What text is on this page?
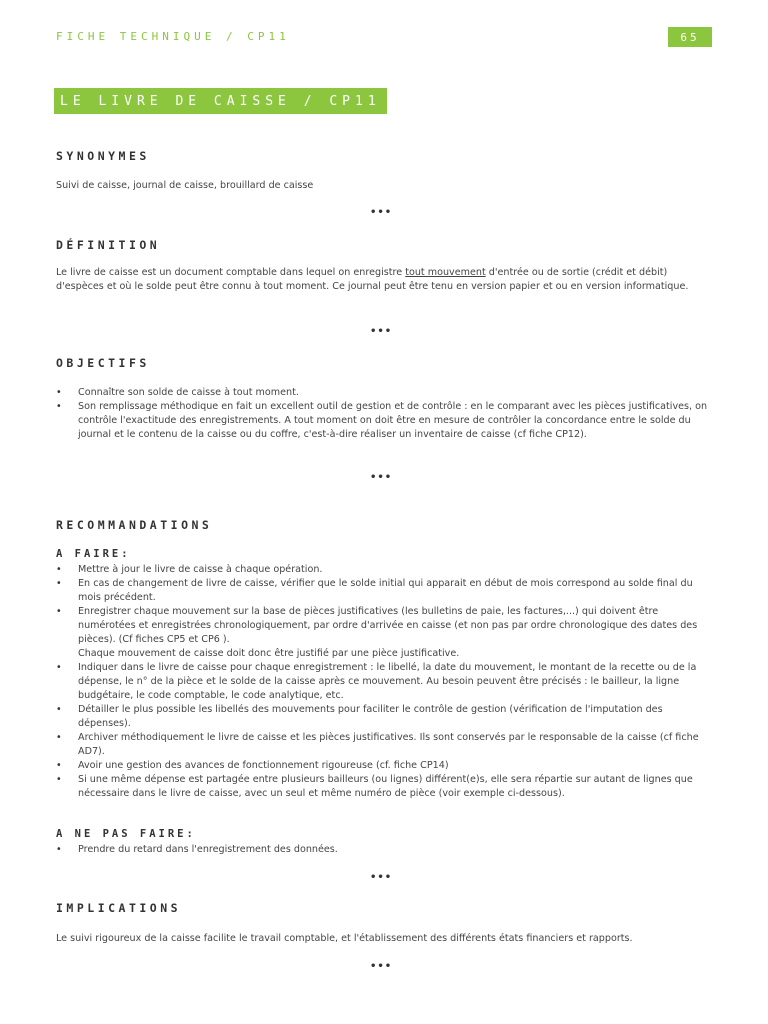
FICHE TECHNIQUE / CP11	65
LE LIVRE DE CAISSE / CP11
SYNONYMES
Suivi de caisse, journal de caisse, brouillard de caisse
•••
DÉFINITION
Le livre de caisse est un document comptable dans lequel on enregistre tout mouvement d'entrée ou de sortie (crédit et débit) d'espèces et où le solde peut être connu à tout moment. Ce journal peut être tenu en version papier et ou en version informatique.
•••
OBJECTIFS
• Connaître son solde de caisse à tout moment.
• Son remplissage méthodique en fait un excellent outil de gestion et de contrôle : en le comparant avec les pièces justificatives, on contrôle l'exactitude des enregistrements. A tout moment on doit être en mesure de contrôler la concordance entre le solde du journal et le contenu de la caisse ou du coffre, c'est-à-dire réaliser un inventaire de caisse (cf fiche CP12).
•••
RECOMMANDATIONS
A FAIRE:
• Mettre à jour le livre de caisse à chaque opération.
• En cas de changement de livre de caisse, vérifier que le solde initial qui apparait en début de mois correspond au solde final du mois précédent.
• Enregistrer chaque mouvement sur la base de pièces justificatives (les bulletins de paie, les factures,...) qui doivent être numérotées et enregistrées chronologiquement, par ordre d'arrivée en caisse (et non pas par ordre chronologique des dates des pièces). (Cf fiches CP5 et CP6 ).
Chaque mouvement de caisse doit donc être justifié par une pièce justificative.
• Indiquer dans le livre de caisse pour chaque enregistrement : le libellé, la date du mouvement, le montant de la recette ou de la dépense, le n° de la pièce et le solde de la caisse après ce mouvement. Au besoin peuvent être précisés : le bailleur, la ligne budgétaire, le code comptable, le code analytique, etc.
• Détailler le plus possible les libellés des mouvements pour faciliter le contrôle de gestion (vérification de l'imputation des dépenses).
• Archiver méthodiquement le livre de caisse et les pièces justificatives. Ils sont conservés par le responsable de la caisse (cf fiche AD7).
• Avoir une gestion des avances de fonctionnement rigoureuse (cf. fiche CP14)
• Si une même dépense est partagée entre plusieurs bailleurs (ou lignes) différent(e)s, elle sera répartie sur autant de lignes que nécessaire dans le livre de caisse, avec un seul et même numéro de pièce (voir exemple ci-dessous).
A NE PAS FAIRE:
• Prendre du retard dans l'enregistrement des données.
•••
IMPLICATIONS
Le suivi rigoureux de la caisse facilite le travail comptable, et l'établissement des différents états financiers et rapports.
•••
